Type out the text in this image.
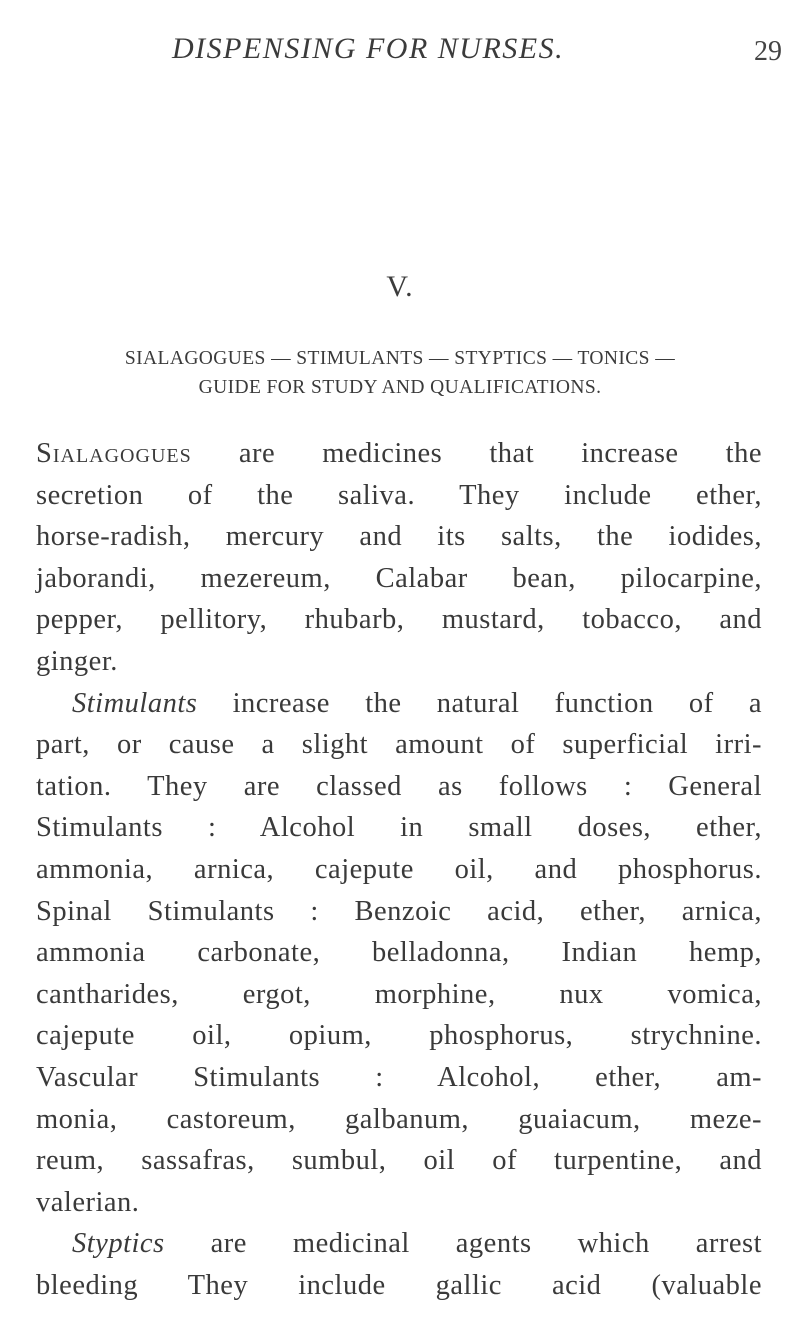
DISPENSING FOR NURSES.	29
V.
SIALAGOGUES — STIMULANTS — STYPTICS — TONICS —
GUIDE FOR STUDY AND QUALIFICATIONS.
Sialagogues are medicines that increase the
secretion of the saliva. They include ether,
horse-radish, mercury and its salts, the iodides,
jaborandi, mezereum, Calabar bean, pilocarpine,
pepper, pellitory, rhubarb, mustard, tobacco, and
ginger.
Stimulants increase the natural function of a
part, or cause a slight amount of superficial irri-
tation. They are classed as follows : General
Stimulants : Alcohol in small doses, ether,
ammonia, arnica, cajepute oil, and phosphorus.
Spinal Stimulants : Benzoic acid, ether, arnica,
ammonia carbonate, belladonna, Indian hemp,
cantharides, ergot, morphine, nux vomica,
cajepute oil, opium, phosphorus, strychnine.
Vascular Stimulants : Alcohol, ether, am-
monia, castoreum, galbanum, guaiacum, meze-
reum, sassafras, sumbul, oil of turpentine, and
valerian.
Styptics are medicinal agents which arrest
bleeding They include gallic acid (valuable
